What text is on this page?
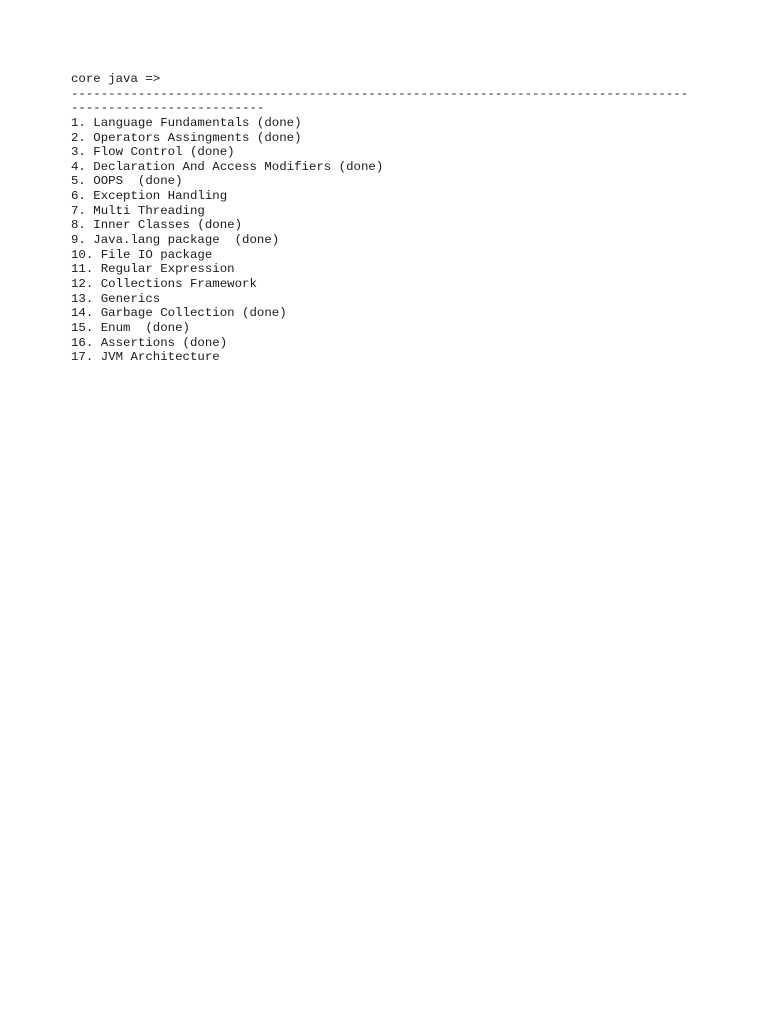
core java =>
-----------------------------------------------------------------------------------
--------------------------
1. Language Fundamentals (done)
2. Operators Assingments (done)
3. Flow Control (done)
4. Declaration And Access Modifiers (done)
5. OOPS  (done)
6. Exception Handling
7. Multi Threading
8. Inner Classes (done)
9. Java.lang package  (done)
10. File IO package
11. Regular Expression
12. Collections Framework
13. Generics
14. Garbage Collection (done)
15. Enum  (done)
16. Assertions (done)
17. JVM Architecture
